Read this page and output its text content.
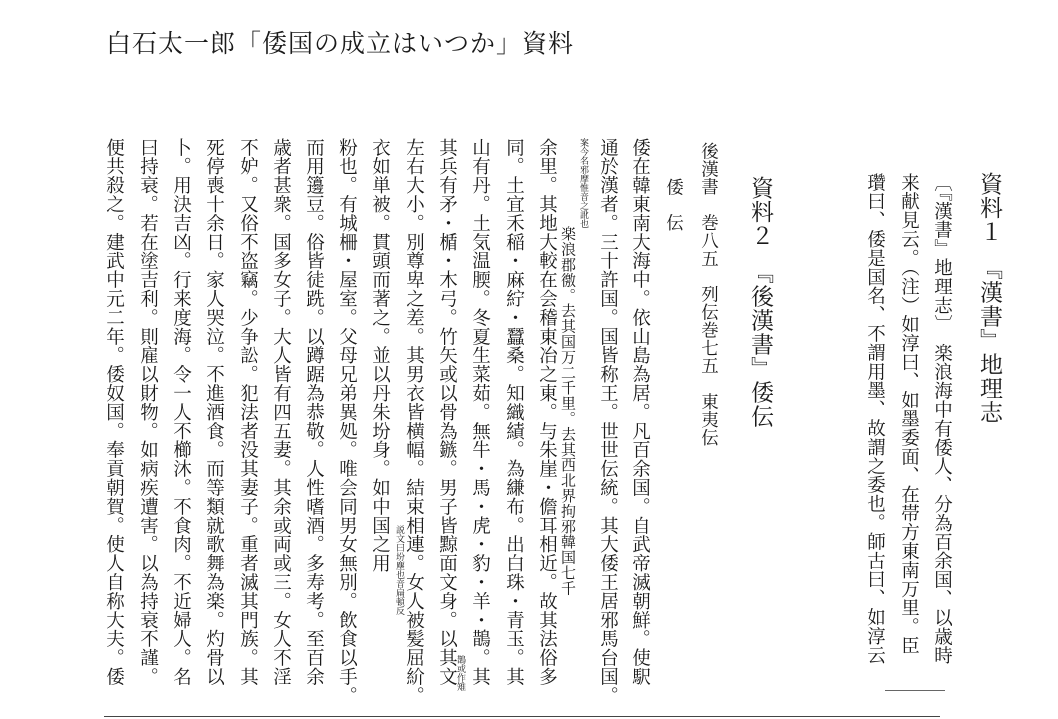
白石太一郎「倭国の成立はいつか」資料
資料１　『漢書』地理志
〔『漢書』地理志〕　楽浪海中有倭人、分為百余国、以歳時
来献見云。（注）如淳曰、如墨委面、在帯方東南万里。臣
瓚曰、倭是国名、不謂用墨、故謂之委也。師古曰、如淳云
資料２　『後漢書』倭伝
後漢書　巻八五　列伝巻七五　東夷伝
倭　伝
倭在韓東南大海中。依山島為居。凡百余国。自武帝滅朝鮮。使駅
通於漢者。三十許国。国皆称王。世世伝統。其大倭王居邪馬台国。
案今名邪摩惟音之訛也
楽浪郡徼。去其国万二千里。去其西北界拘邪韓国七千
余里。其地大較在会稽東冶之東。与朱崖・儋耳相近。故其法俗多
同。土宜禾稲・麻紵・蠶桑。知織績。為縑布。出白珠・青玉。其
山有丹。土気温腝。冬夏生菜茹。無牛・馬・虎・豹・羊・鵲。其
鵲或作雉
其兵有矛・楯・木弓。竹矢或以骨為鏃。男子皆黥面文身。以其文
左右大小。別尊卑之差。其男衣皆横幅。結束相連。女人被髪屈紒。
衣如単被。貫頭而著之。並以丹朱坋身。如中国之用 説文曰坋塵也音扁頓反
粉也。有城柵・屋室。父母兄弟異処。唯会同男女無別。飲食以手。
而用籩豆。俗皆徒跣。以蹲踞為恭敬。人性嗜酒。多寿考。至百余
歳者甚衆。国多女子。大人皆有四五妻。其余或両或三。女人不淫
不妒。又俗不盗竊。少争訟。犯法者没其妻子。重者滅其門族。其
死停喪十余日。家人哭泣。不進酒食。而等類就歌舞為楽。灼骨以
卜。用決吉凶。行来度海。令一人不櫛沐。不食肉。不近婦人。名
曰持衰。若在塗吉利。則雇以財物。如病疾遭害。以為持衰不謹。
便共殺之。建武中元二年。倭奴国。奉貢朝賀。使人自称大夫。倭
